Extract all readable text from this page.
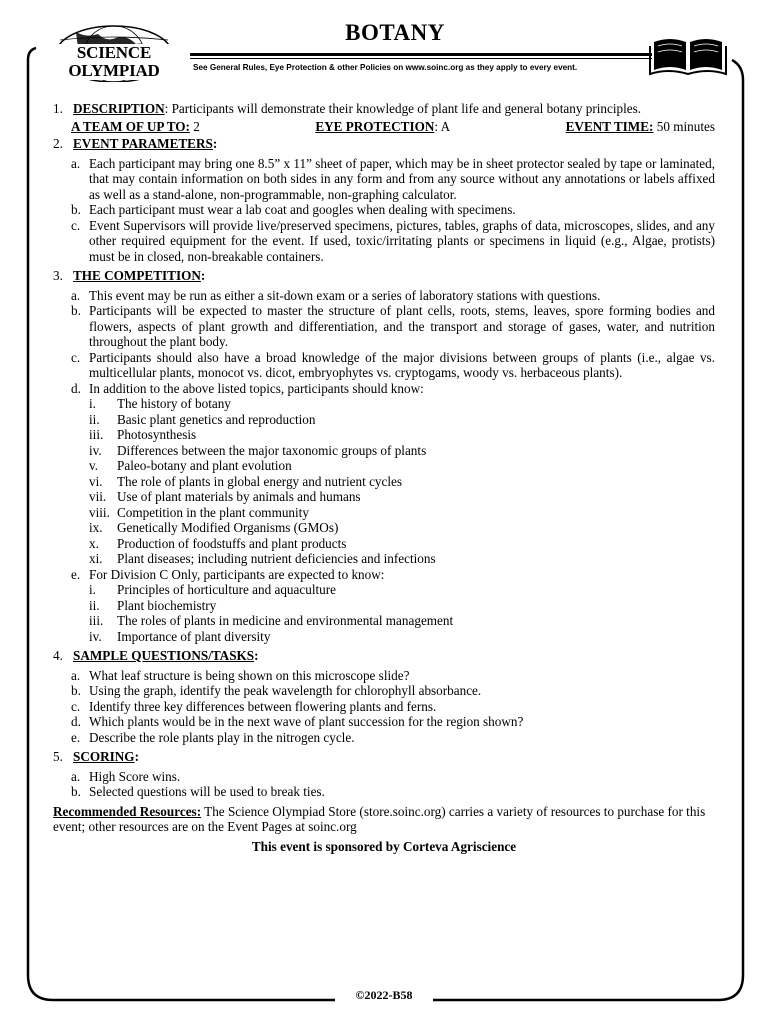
SCIENCE OLYMPIAD
BOTANY
See General Rules, Eye Protection & other Policies on www.soinc.org as they apply to every event.
1. DESCRIPTION: Participants will demonstrate their knowledge of plant life and general botany principles.
A TEAM OF UP TO: 2	EYE PROTECTION: A	EVENT TIME: 50 minutes
2. EVENT PARAMETERS:
a. Each participant may bring one 8.5” x 11” sheet of paper, which may be in sheet protector sealed by tape or laminated, that may contain information on both sides in any form and from any source without any annotations or labels affixed as well as a stand-alone, non-programmable, non-graphing calculator.
b. Each participant must wear a lab coat and googles when dealing with specimens.
c. Event Supervisors will provide live/preserved specimens, pictures, tables, graphs of data, microscopes, slides, and any other required equipment for the event. If used, toxic/irritating plants or specimens in liquid (e.g., Algae, protists) must be in closed, non-breakable containers.
3. THE COMPETITION:
a. This event may be run as either a sit-down exam or a series of laboratory stations with questions.
b. Participants will be expected to master the structure of plant cells, roots, stems, leaves, spore forming bodies and flowers, aspects of plant growth and differentiation, and the transport and storage of gases, water, and nutrition throughout the plant body.
c. Participants should also have a broad knowledge of the major divisions between groups of plants (i.e., algae vs. multicellular plants, monocot vs. dicot, embryophytes vs. cryptogams, woody vs. herbaceous plants).
d. In addition to the above listed topics, participants should know:
i. The history of botany
ii. Basic plant genetics and reproduction
iii. Photosynthesis
iv. Differences between the major taxonomic groups of plants
v. Paleo-botany and plant evolution
vi. The role of plants in global energy and nutrient cycles
vii. Use of plant materials by animals and humans
viii. Competition in the plant community
ix. Genetically Modified Organisms (GMOs)
x. Production of foodstuffs and plant products
xi. Plant diseases; including nutrient deficiencies and infections
e. For Division C Only, participants are expected to know:
i. Principles of horticulture and aquaculture
ii. Plant biochemistry
iii. The roles of plants in medicine and environmental management
iv. Importance of plant diversity
4. SAMPLE QUESTIONS/TASKS:
a. What leaf structure is being shown on this microscope slide?
b. Using the graph, identify the peak wavelength for chlorophyll absorbance.
c. Identify three key differences between flowering plants and ferns.
d. Which plants would be in the next wave of plant succession for the region shown?
e. Describe the role plants play in the nitrogen cycle.
5. SCORING:
a. High Score wins.
b. Selected questions will be used to break ties.
Recommended Resources: The Science Olympiad Store (store.soinc.org) carries a variety of resources to purchase for this event; other resources are on the Event Pages at soinc.org
This event is sponsored by Corteva Agriscience
©2022-B58
